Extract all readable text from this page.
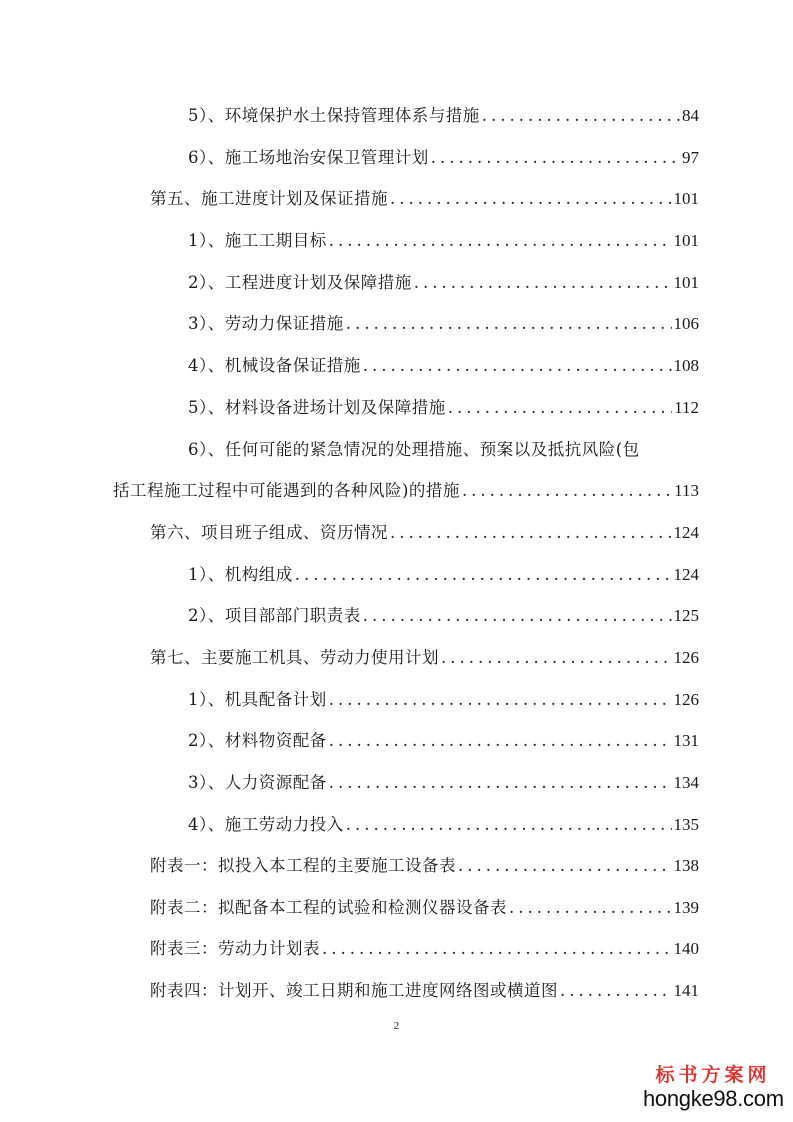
5）、环境保护水土保持管理体系与措施 .....	84
6）、施工场地治安保卫管理计划 .....	97
第五、施工进度计划及保证措施 .....	101
1）、施工工期目标 .....	101
2）、工程进度计划及保障措施 .....	101
3）、劳动力保证措施 .....	106
4）、机械设备保证措施 .....	108
5）、材料设备进场计划及保障措施 .....	112
6）、任何可能的紧急情况的处理措施、预案以及抵抗风险(包
括工程施工过程中可能遇到的各种风险)的措施 .....	113
第六、项目班子组成、资历情况 .....	124
1）、机构组成 .....	124
2）、项目部部门职责表 .....	125
第七、主要施工机具、劳动力使用计划 .....	126
1）、机具配备计划 .....	126
2）、材料物资配备 .....	131
3）、人力资源配备 .....	134
4）、施工劳动力投入 .....	135
附表一：拟投入本工程的主要施工设备表 .....	138
附表二：拟配备本工程的试验和检测仪器设备表 .....	139
附表三：劳动力计划表 .....	140
附表四：计划开、竣工日期和施工进度网络图或横道图 .....	141
2
标书方案网
hongke98.com
